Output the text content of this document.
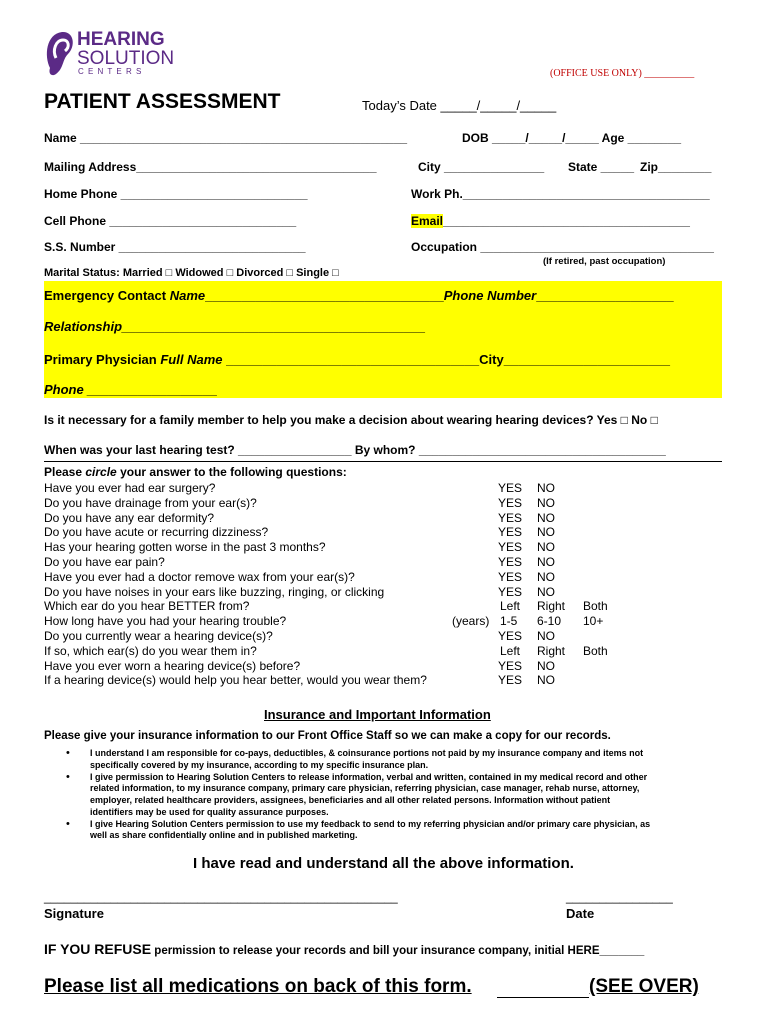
HEARING
SOLUTION
C E N T E R S	(OFFICE USE ONLY) __________
PATIENT ASSESSMENT	Today’s Date _____/_____/_____
Name _________________________________________________	DOB _____/_____/_____ Age ________
Mailing Address____________________________________	City _______________ State _____ Zip________
Home Phone ____________________________	Work Ph._____________________________________
Cell Phone ____________________________	Email_____________________________________
S.S. Number ____________________________	Occupation ___________________________________
(If retired, past occupation)
Marital Status: Married □ Widowed □ Divorced □ Single □
Emergency Contact Name_________________________________Phone Number___________________
Relationship__________________________________________
Primary Physician Full Name ___________________________________City_______________________
Phone __________________
Is it necessary for a family member to help you make a decision about wearing hearing devices? Yes □ No □
When was your last hearing test? _________________ By whom? _____________________________________
Please circle your answer to the following questions:
Have you ever had ear surgery?	YES NO
Do you have drainage from your ear(s)?	YES NO
Do you have any ear deformity?	YES NO
Do you have acute or recurring dizziness?	YES NO
Has your hearing gotten worse in the past 3 months?	YES NO
Do you have ear pain?	YES NO
Have you ever had a doctor remove wax from your ear(s)?	YES NO
Do you have noises in your ears like buzzing, ringing, or clicking	YES NO
Which ear do you hear BETTER from?	Left Right Both
How long have you had your hearing trouble?	(years) 1-5 6-10 10+
Do you currently wear a hearing device(s)?	YES NO
If so, which ear(s) do you wear them in?	Left Right Both
Have you ever worn a hearing device(s) before?	YES NO
If a hearing device(s) would help you hear better, would you wear them?	YES NO
Insurance and Important Information
Please give your insurance information to our Front Office Staff so we can make a copy for our records.
• I understand I am responsible for co-pays, deductibles, & coinsurance portions not paid by my insurance company and items not
specifically covered by my insurance, according to my specific insurance plan.
• I give permission to Hearing Solution Centers to release information, verbal and written, contained in my medical record and other
related information, to my insurance company, primary care physician, referring physician, case manager, rehab nurse, attorney,
employer, related healthcare providers, assignees, beneficiaries and all other related persons. Information without patient
identifiers may be used for quality assurance purposes.
• I give Hearing Solution Centers permission to use my feedback to send to my referring physician and/or primary care physician, as
well as share confidentially online and in published marketing.
I have read and understand all the above information.
_____________________________________________________	________________
Signature	Date
IF YOU REFUSE permission to release your records and bill your insurance company, initial HERE_______
Please list all medications on back of this form.	(SEE OVER)
